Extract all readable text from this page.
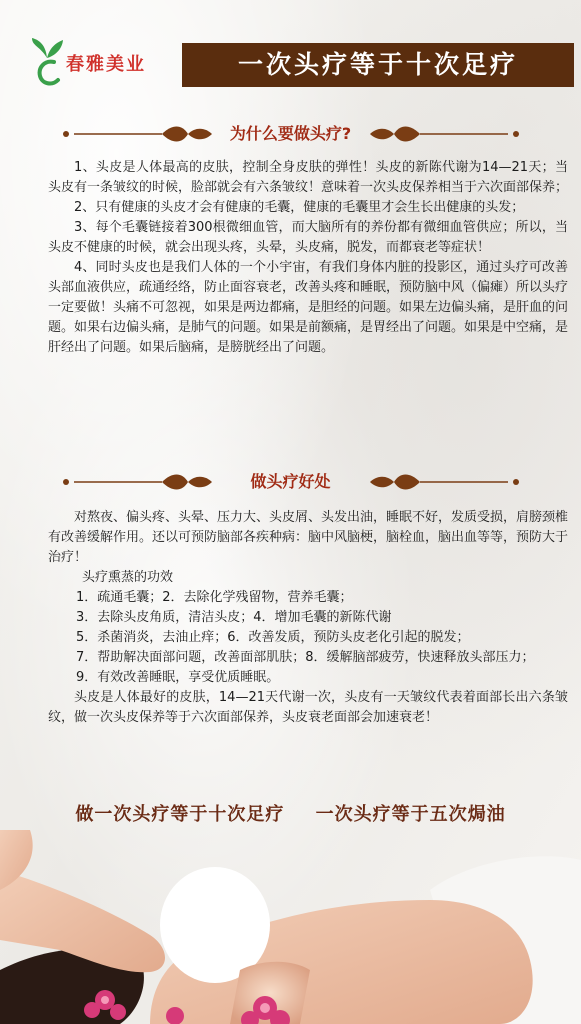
春雅美业	一次头疗等于十次足疗
为什么要做头疗?

1、头皮是人体最高的皮肤，控制全身皮肤的弹性！头皮的新陈代谢为14—21天；当头皮有一条皱纹的时候，脸部就会有六条皱纹！意味着一次头皮保养相当于六次面部保养；

2、只有健康的头皮才会有健康的毛囊，健康的毛囊里才会生长出健康的头发；

3、每个毛囊链接着300根微细血管，而大脑所有的养份都有微细血管供应；所以，当头皮不健康的时候，就会出现头疼，头晕，头皮痛，脱发，而都衰老等症状！

4、同时头皮也是我们人体的一个小宇宙，有我们身体内脏的投影区，通过头疗可改善头部血液供应，疏通经络，防止面容衰老，改善头疼和睡眠，预防脑中风（偏瘫）所以头疗一定要做！头痛不可忽视，如果是两边都痛，是胆经的问题。如果左边偏头痛，是肝血的问题。如果右边偏头痛，是肺气的问题。如果是前额痛，是胃经出了问题。如果是中空痛，是肝经出了问题。如果后脑痛，是膀胱经出了问题。

做头疗好处

对熬夜、偏头疼、头晕、压力大、头皮屑、头发出油，睡眠不好，发质受损，肩膀颈椎有改善缓解作用。还以可预防脑部各疾种病：脑中风脑梗，脑栓血，脑出血等等，预防大于治疗！

头疗熏蒸的功效

1．疏通毛囊；2．去除化学残留物，营养毛囊；

3．去除头皮角质，清洁头皮；4．增加毛囊的新陈代谢

5．杀菌消炎，去油止痒；6．改善发质，预防头皮老化引起的脱发；

7．帮助解决面部问题，改善面部肌肤；8．缓解脑部疲劳，快速释放头部压力；

9．有效改善睡眠，享受优质睡眠。

头皮是人体最好的皮肤，14—21天代谢一次，头皮有一天皱纹代表着面部长出六条皱纹，做一次头皮保养等于六次面部保养，头皮衰老面部会加速衰老！

做一次头疗等于十次足疗 一次头疗等于五次焗油
